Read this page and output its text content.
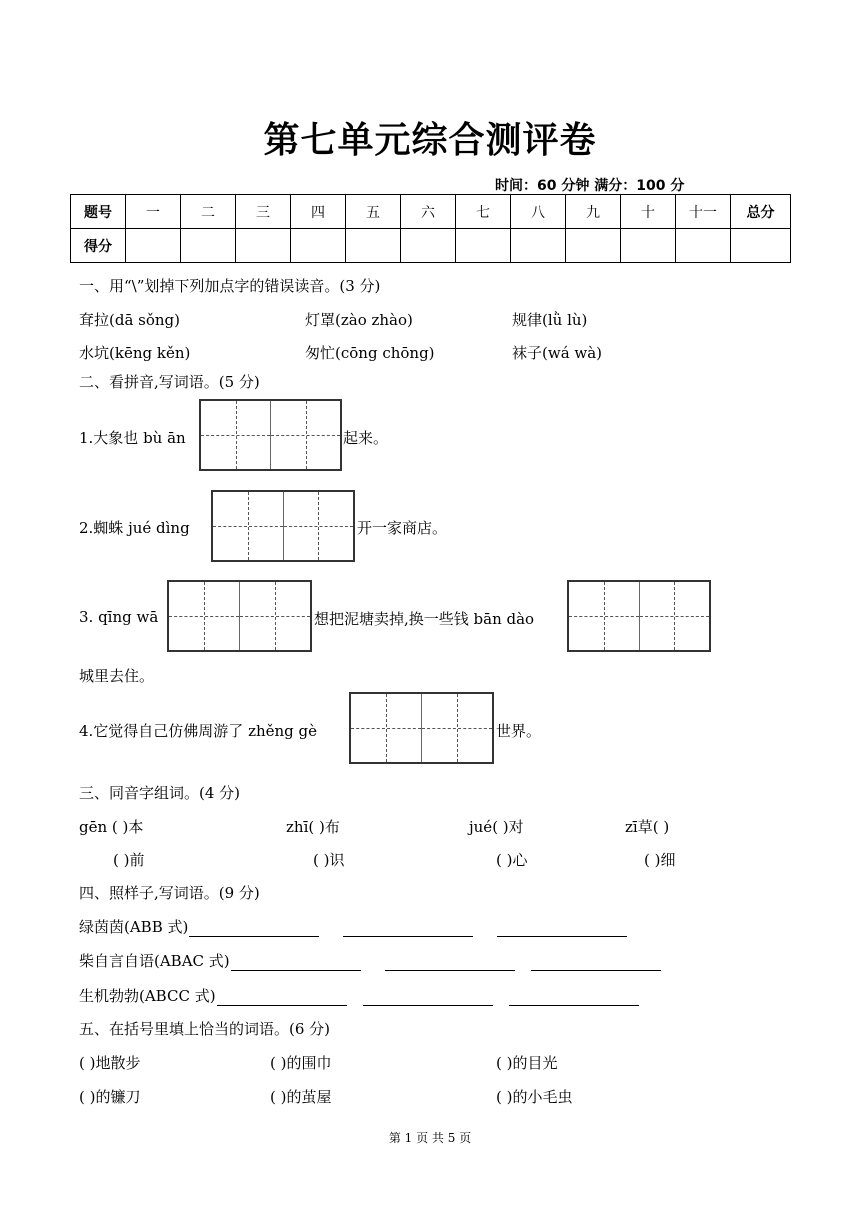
第七单元综合测评卷
时间：60 分钟 满分：100 分
题号	一	二	三	四	五	六	七	八	九	十	十一	总分
得分												
一、用“\”划掉下列加点字的错误读音。(3 分)
耷拉(dā sǒng)	灯罩(zào zhào)	规律(lǜ lù)
水坑(kēng kěn)	匆忙(cōng chōng)	袜子(wá wà)
二、看拼音,写词语。(5 分)
1.大象也 bù ān	起来。
2.蜘蛛 jué dìng	开一家商店。
3. qīng wā	想把泥塘卖掉,换一些钱 bān dào
城里去住。
4.它觉得自己仿佛周游了 zhěng gè	世界。
三、同音字组词。(4 分)
gēn ( )本	zhī( )布	jué( )对	zī草( )
( )前	( )识	( )心	( )细
四、照样子,写词语。(9 分)
绿茵茵(ABB 式)
柴自言自语(ABAC 式)
生机勃勃(ABCC 式)
五、在括号里填上恰当的词语。(6 分)
( )地散步	( )的围巾	( )的目光
( )的镰刀	( )的茧屋	( )的小毛虫
第 1 页 共 5 页
